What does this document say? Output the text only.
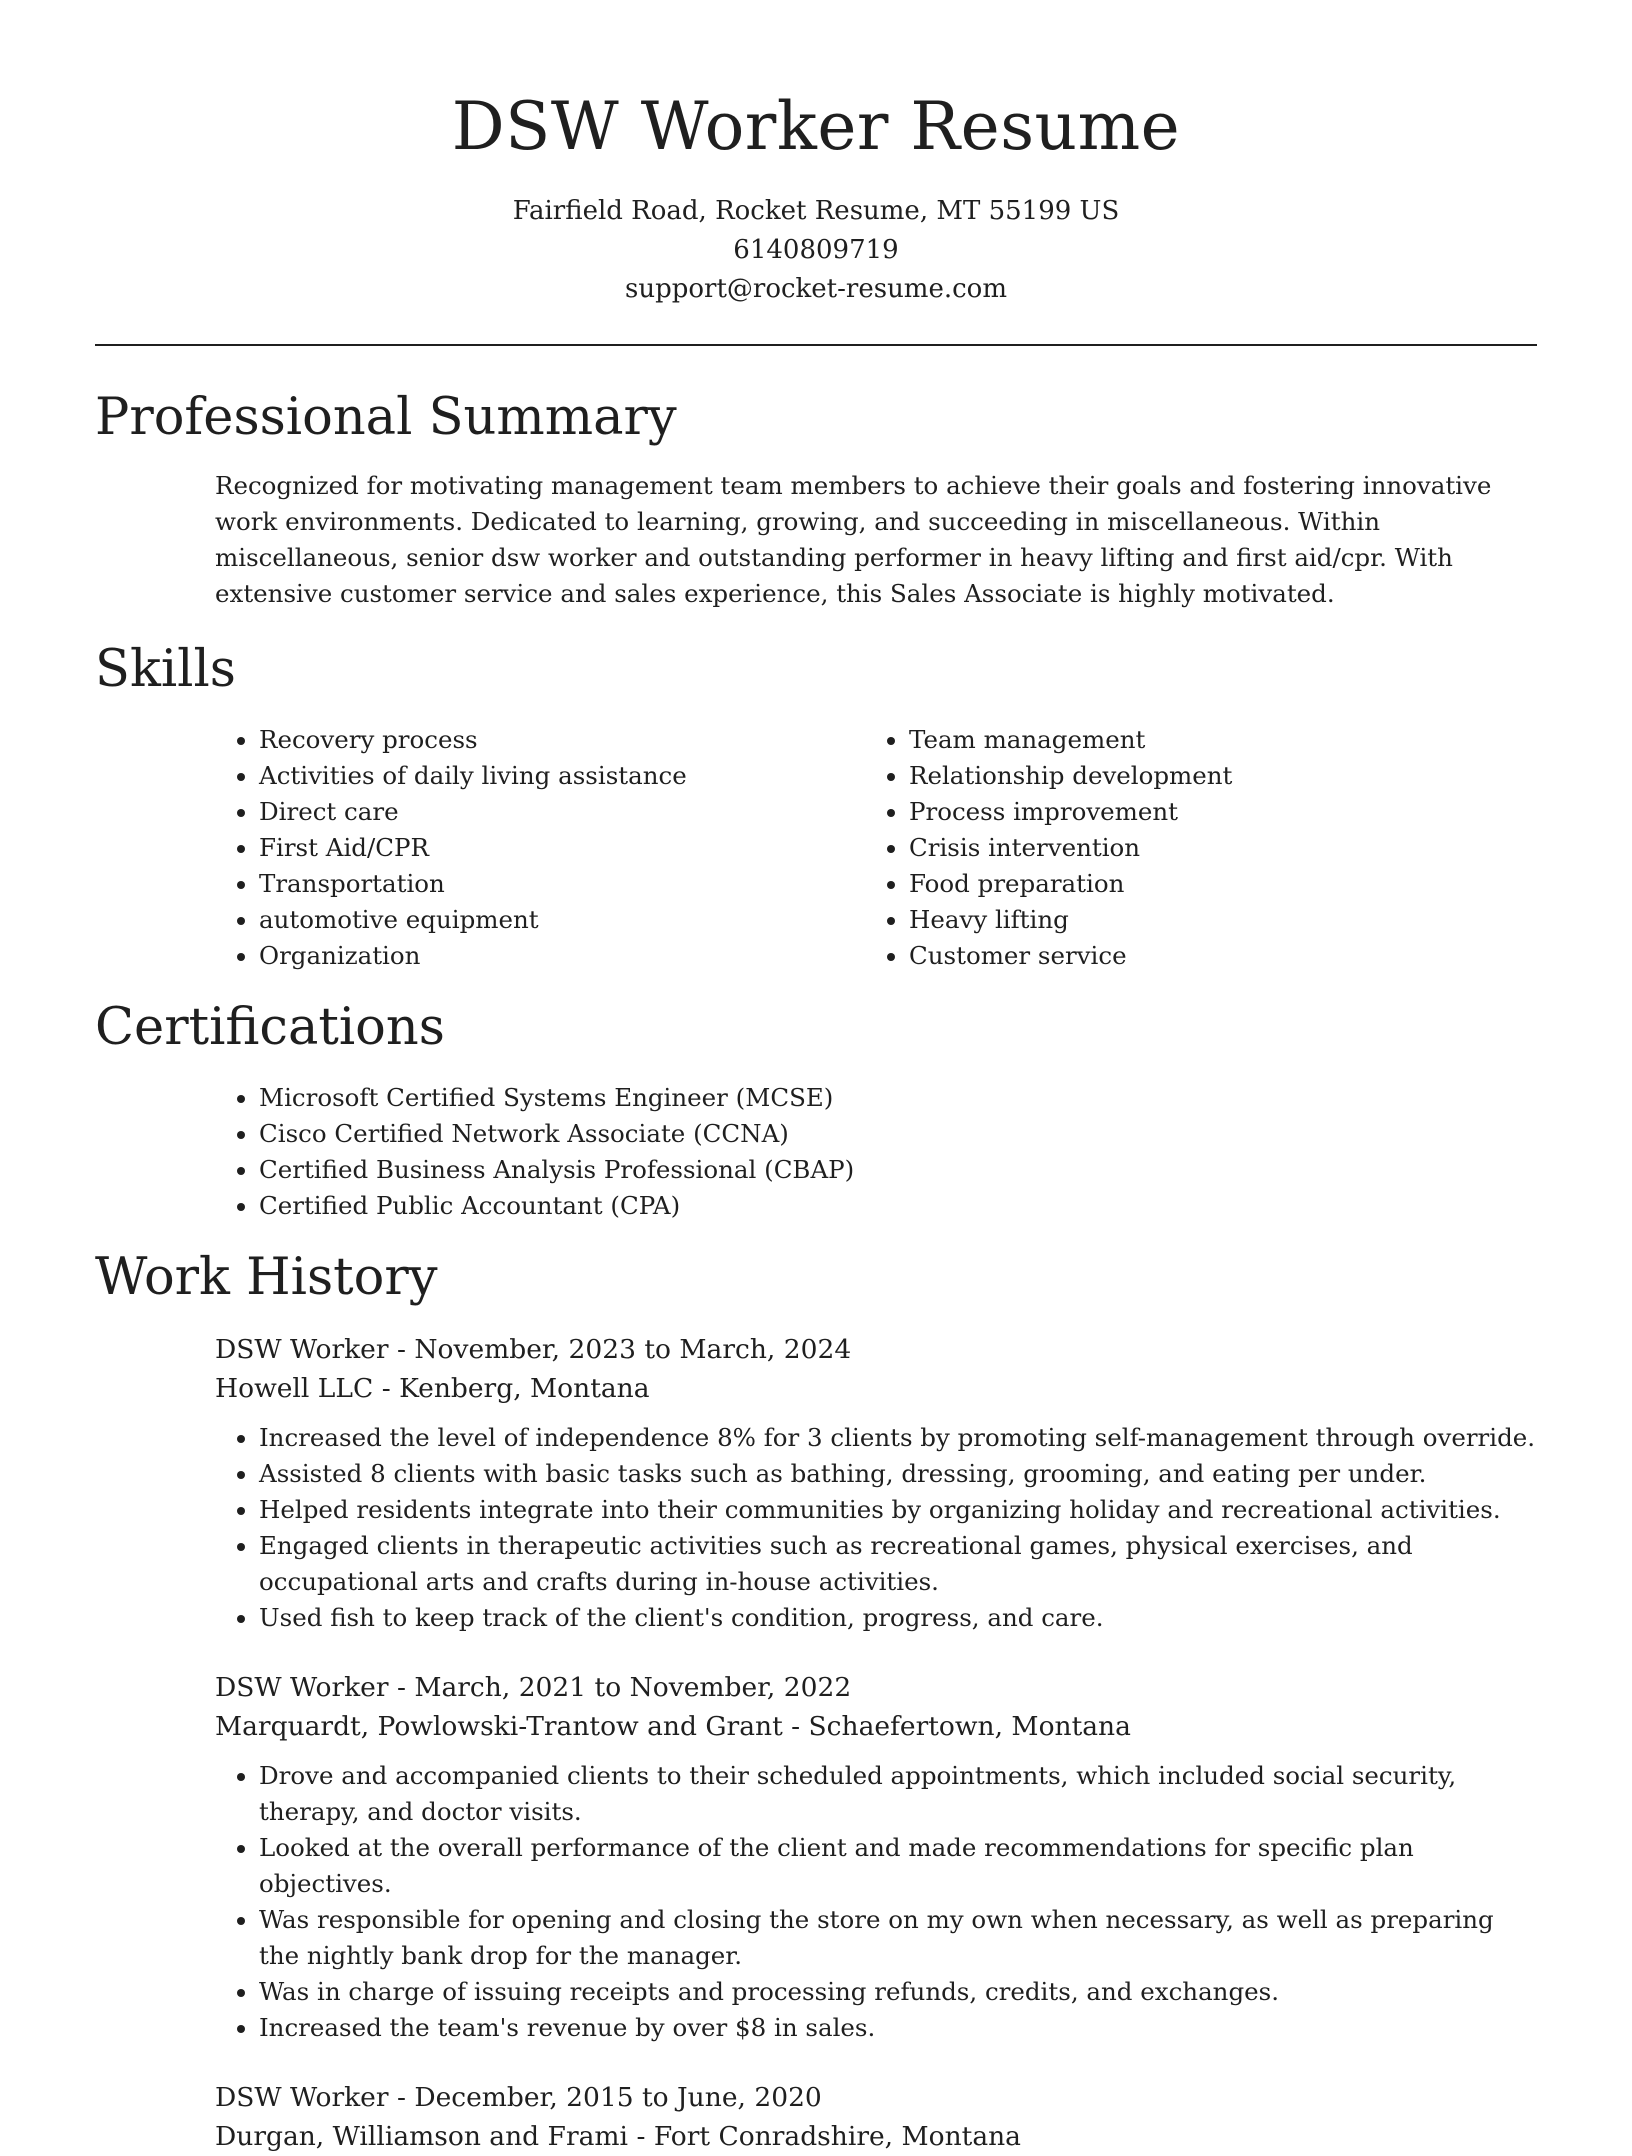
DSW Worker Resume
Fairfield Road, Rocket Resume, MT 55199 US
6140809719
support@rocket-resume.com
Professional Summary

Recognized for motivating management team members to achieve their goals and fostering innovative work environments. Dedicated to learning, growing, and succeeding in miscellaneous. Within miscellaneous, senior dsw worker and outstanding performer in heavy lifting and first aid/cpr. With extensive customer service and sales experience, this Sales Associate is highly motivated.

Skills
• Recovery process
• Activities of daily living assistance
• Direct care
• First Aid/CPR
• Transportation
• automotive equipment
• Organization
• Team management
• Relationship development
• Process improvement
• Crisis intervention
• Food preparation
• Heavy lifting
• Customer service
Certifications
• Microsoft Certified Systems Engineer (MCSE)
• Cisco Certified Network Associate (CCNA)
• Certified Business Analysis Professional (CBAP)
• Certified Public Accountant (CPA)
Work History
DSW Worker - November, 2023 to March, 2024
Howell LLC - Kenberg, Montana
• Increased the level of independence 8% for 3 clients by promoting self-management through override.
• Assisted 8 clients with basic tasks such as bathing, dressing, grooming, and eating per under.
• Helped residents integrate into their communities by organizing holiday and recreational activities.
• Engaged clients in therapeutic activities such as recreational games, physical exercises, and occupational arts and crafts during in-house activities.
• Used fish to keep track of the client's condition, progress, and care.
DSW Worker - March, 2021 to November, 2022
Marquardt, Powlowski-Trantow and Grant - Schaefertown, Montana
• Drove and accompanied clients to their scheduled appointments, which included social security, therapy, and doctor visits.
• Looked at the overall performance of the client and made recommendations for specific plan objectives.
• Was responsible for opening and closing the store on my own when necessary, as well as preparing the nightly bank drop for the manager.
• Was in charge of issuing receipts and processing refunds, credits, and exchanges.
• Increased the team's revenue by over $8 in sales.
DSW Worker - December, 2015 to June, 2020
Durgan, Williamson and Frami - Fort Conradshire, Montana
